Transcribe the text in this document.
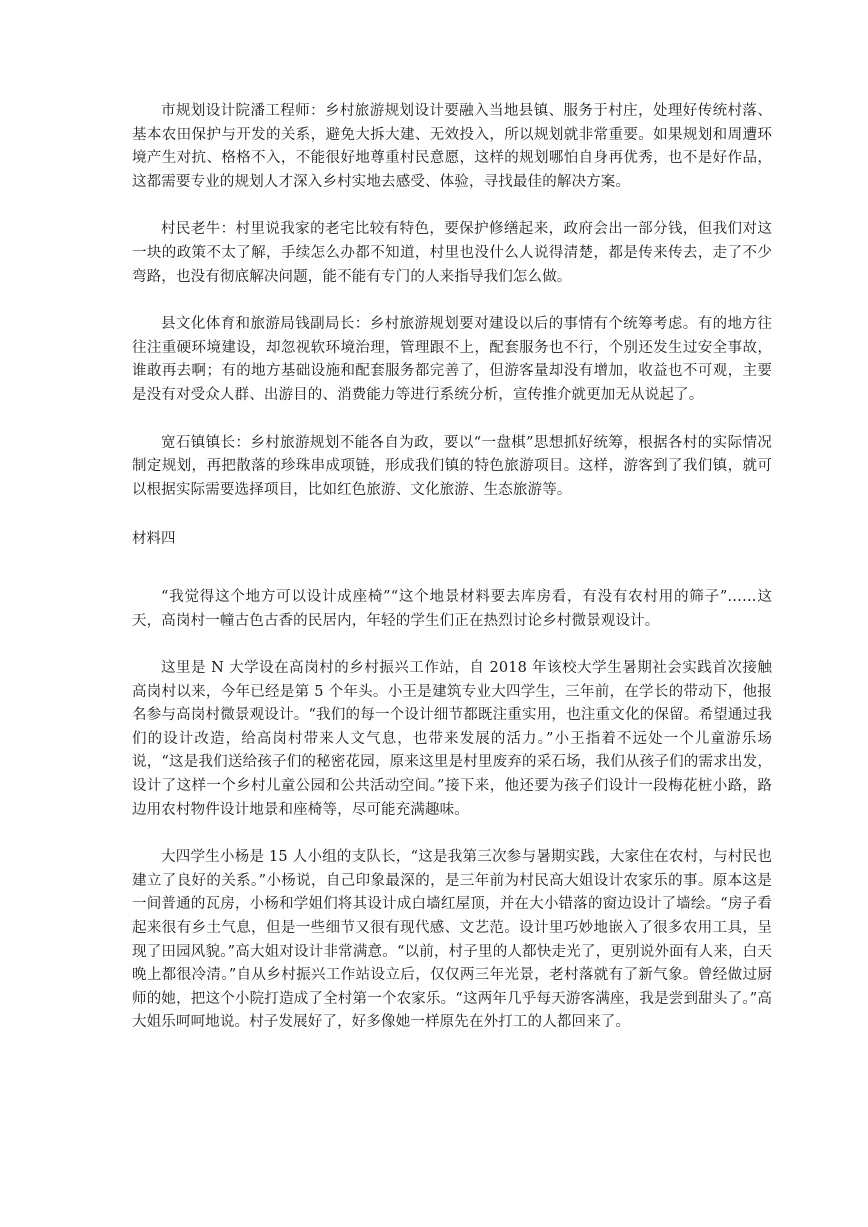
市规划设计院潘工程师：乡村旅游规划设计要融入当地县镇、服务于村庄，处理好传统村落、基本农田保护与开发的关系，避免大拆大建、无效投入，所以规划就非常重要。如果规划和周遭环境产生对抗、格格不入，不能很好地尊重村民意愿，这样的规划哪怕自身再优秀，也不是好作品，这都需要专业的规划人才深入乡村实地去感受、体验，寻找最佳的解决方案。

村民老牛：村里说我家的老宅比较有特色，要保护修缮起来，政府会出一部分钱，但我们对这一块的政策不太了解，手续怎么办都不知道，村里也没什么人说得清楚，都是传来传去，走了不少弯路，也没有彻底解决问题，能不能有专门的人来指导我们怎么做。

县文化体育和旅游局钱副局长：乡村旅游规划要对建设以后的事情有个统筹考虑。有的地方往往注重硬环境建设，却忽视软环境治理，管理跟不上，配套服务也不行，个别还发生过安全事故，谁敢再去啊；有的地方基础设施和配套服务都完善了，但游客量却没有增加，收益也不可观，主要是没有对受众人群、出游目的、消费能力等进行系统分析，宣传推介就更加无从说起了。

宽石镇镇长：乡村旅游规划不能各自为政，要以“一盘棋”思想抓好统筹，根据各村的实际情况制定规划，再把散落的珍珠串成项链，形成我们镇的特色旅游项目。这样，游客到了我们镇，就可以根据实际需要选择项目，比如红色旅游、文化旅游、生态旅游等。

材料四

“我觉得这个地方可以设计成座椅”“这个地景材料要去库房看，有没有农村用的筛子”……这天，高岗村一幢古色古香的民居内，年轻的学生们正在热烈讨论乡村微景观设计。

这里是 N 大学设在高岗村的乡村振兴工作站，自 2018 年该校大学生暑期社会实践首次接触高岗村以来，今年已经是第 5 个年头。小王是建筑专业大四学生，三年前，在学长的带动下，他报名参与高岗村微景观设计。“我们的每一个设计细节都既注重实用，也注重文化的保留。希望通过我们的设计改造，给高岗村带来人文气息，也带来发展的活力。”小王指着不远处一个儿童游乐场说，“这是我们送给孩子们的秘密花园，原来这里是村里废弃的采石场，我们从孩子们的需求出发，设计了这样一个乡村儿童公园和公共活动空间。”接下来，他还要为孩子们设计一段梅花桩小路，路边用农村物件设计地景和座椅等，尽可能充满趣味。

大四学生小杨是 15 人小组的支队长，“这是我第三次参与暑期实践，大家住在农村，与村民也建立了良好的关系。”小杨说，自己印象最深的，是三年前为村民高大姐设计农家乐的事。原本这是一间普通的瓦房，小杨和学姐们将其设计成白墙红屋顶，并在大小错落的窗边设计了墙绘。“房子看起来很有乡土气息，但是一些细节又很有现代感、文艺范。设计里巧妙地嵌入了很多农用工具，呈现了田园风貌。”高大姐对设计非常满意。“以前，村子里的人都快走光了，更别说外面有人来，白天晚上都很冷清。”自从乡村振兴工作站设立后，仅仅两三年光景，老村落就有了新气象。曾经做过厨师的她，把这个小院打造成了全村第一个农家乐。“这两年几乎每天游客满座，我是尝到甜头了。”高大姐乐呵呵地说。村子发展好了，好多像她一样原先在外打工的人都回来了。
